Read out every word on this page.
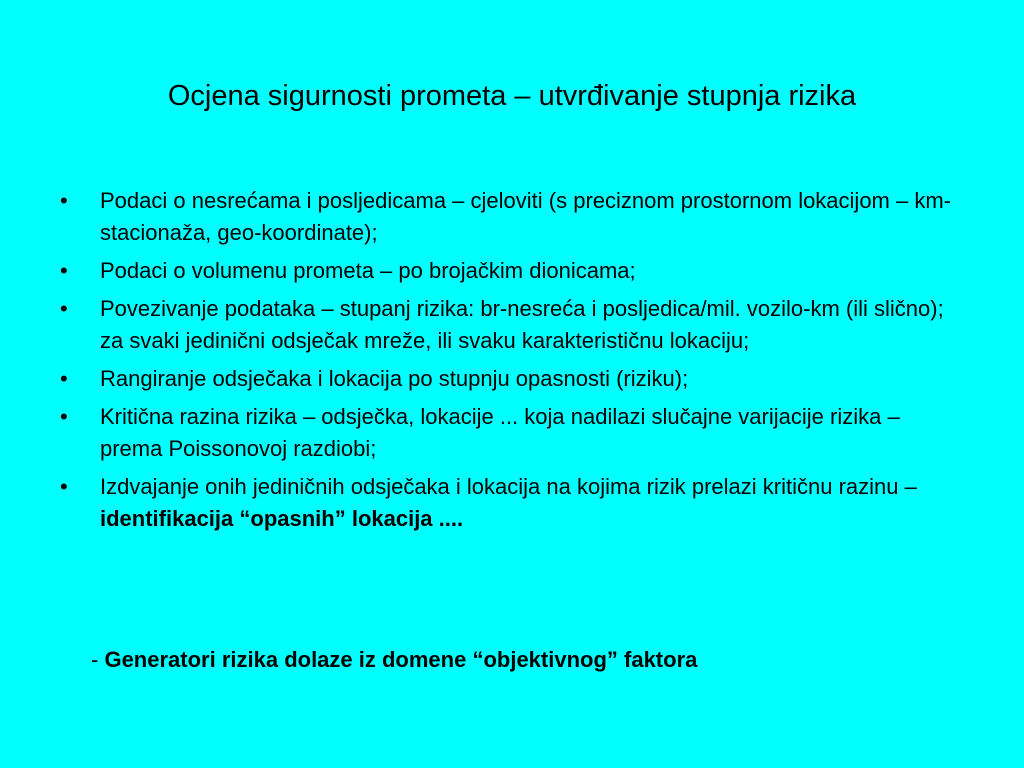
Ocjena sigurnosti prometa – utvrđivanje stupnja rizika
• Podaci o nesrećama i posljedicama – cjeloviti (s preciznom prostornom lokacijom – km-stacionaža, geo-koordinate);
• Podaci o volumenu prometa – po brojačkim dionicama;
• Povezivanje podataka – stupanj rizika: br-nesreća i posljedica/mil. vozilo-km (ili slično); za svaki jedinični odsječak mreže, ili svaku karakterističnu lokaciju;
• Rangiranje odsječaka i lokacija po stupnju opasnosti (riziku);
• Kritična razina rizika – odsječka, lokacije ... koja nadilazi slučajne varijacije rizika – prema Poissonovoj razdiobi;
• Izdvajanje onih jediničnih odsječaka i lokacija na kojima rizik prelazi kritičnu razinu – identifikacija “opasnih” lokacija ....
- Generatori rizika dolaze iz domene “objektivnog” faktora
